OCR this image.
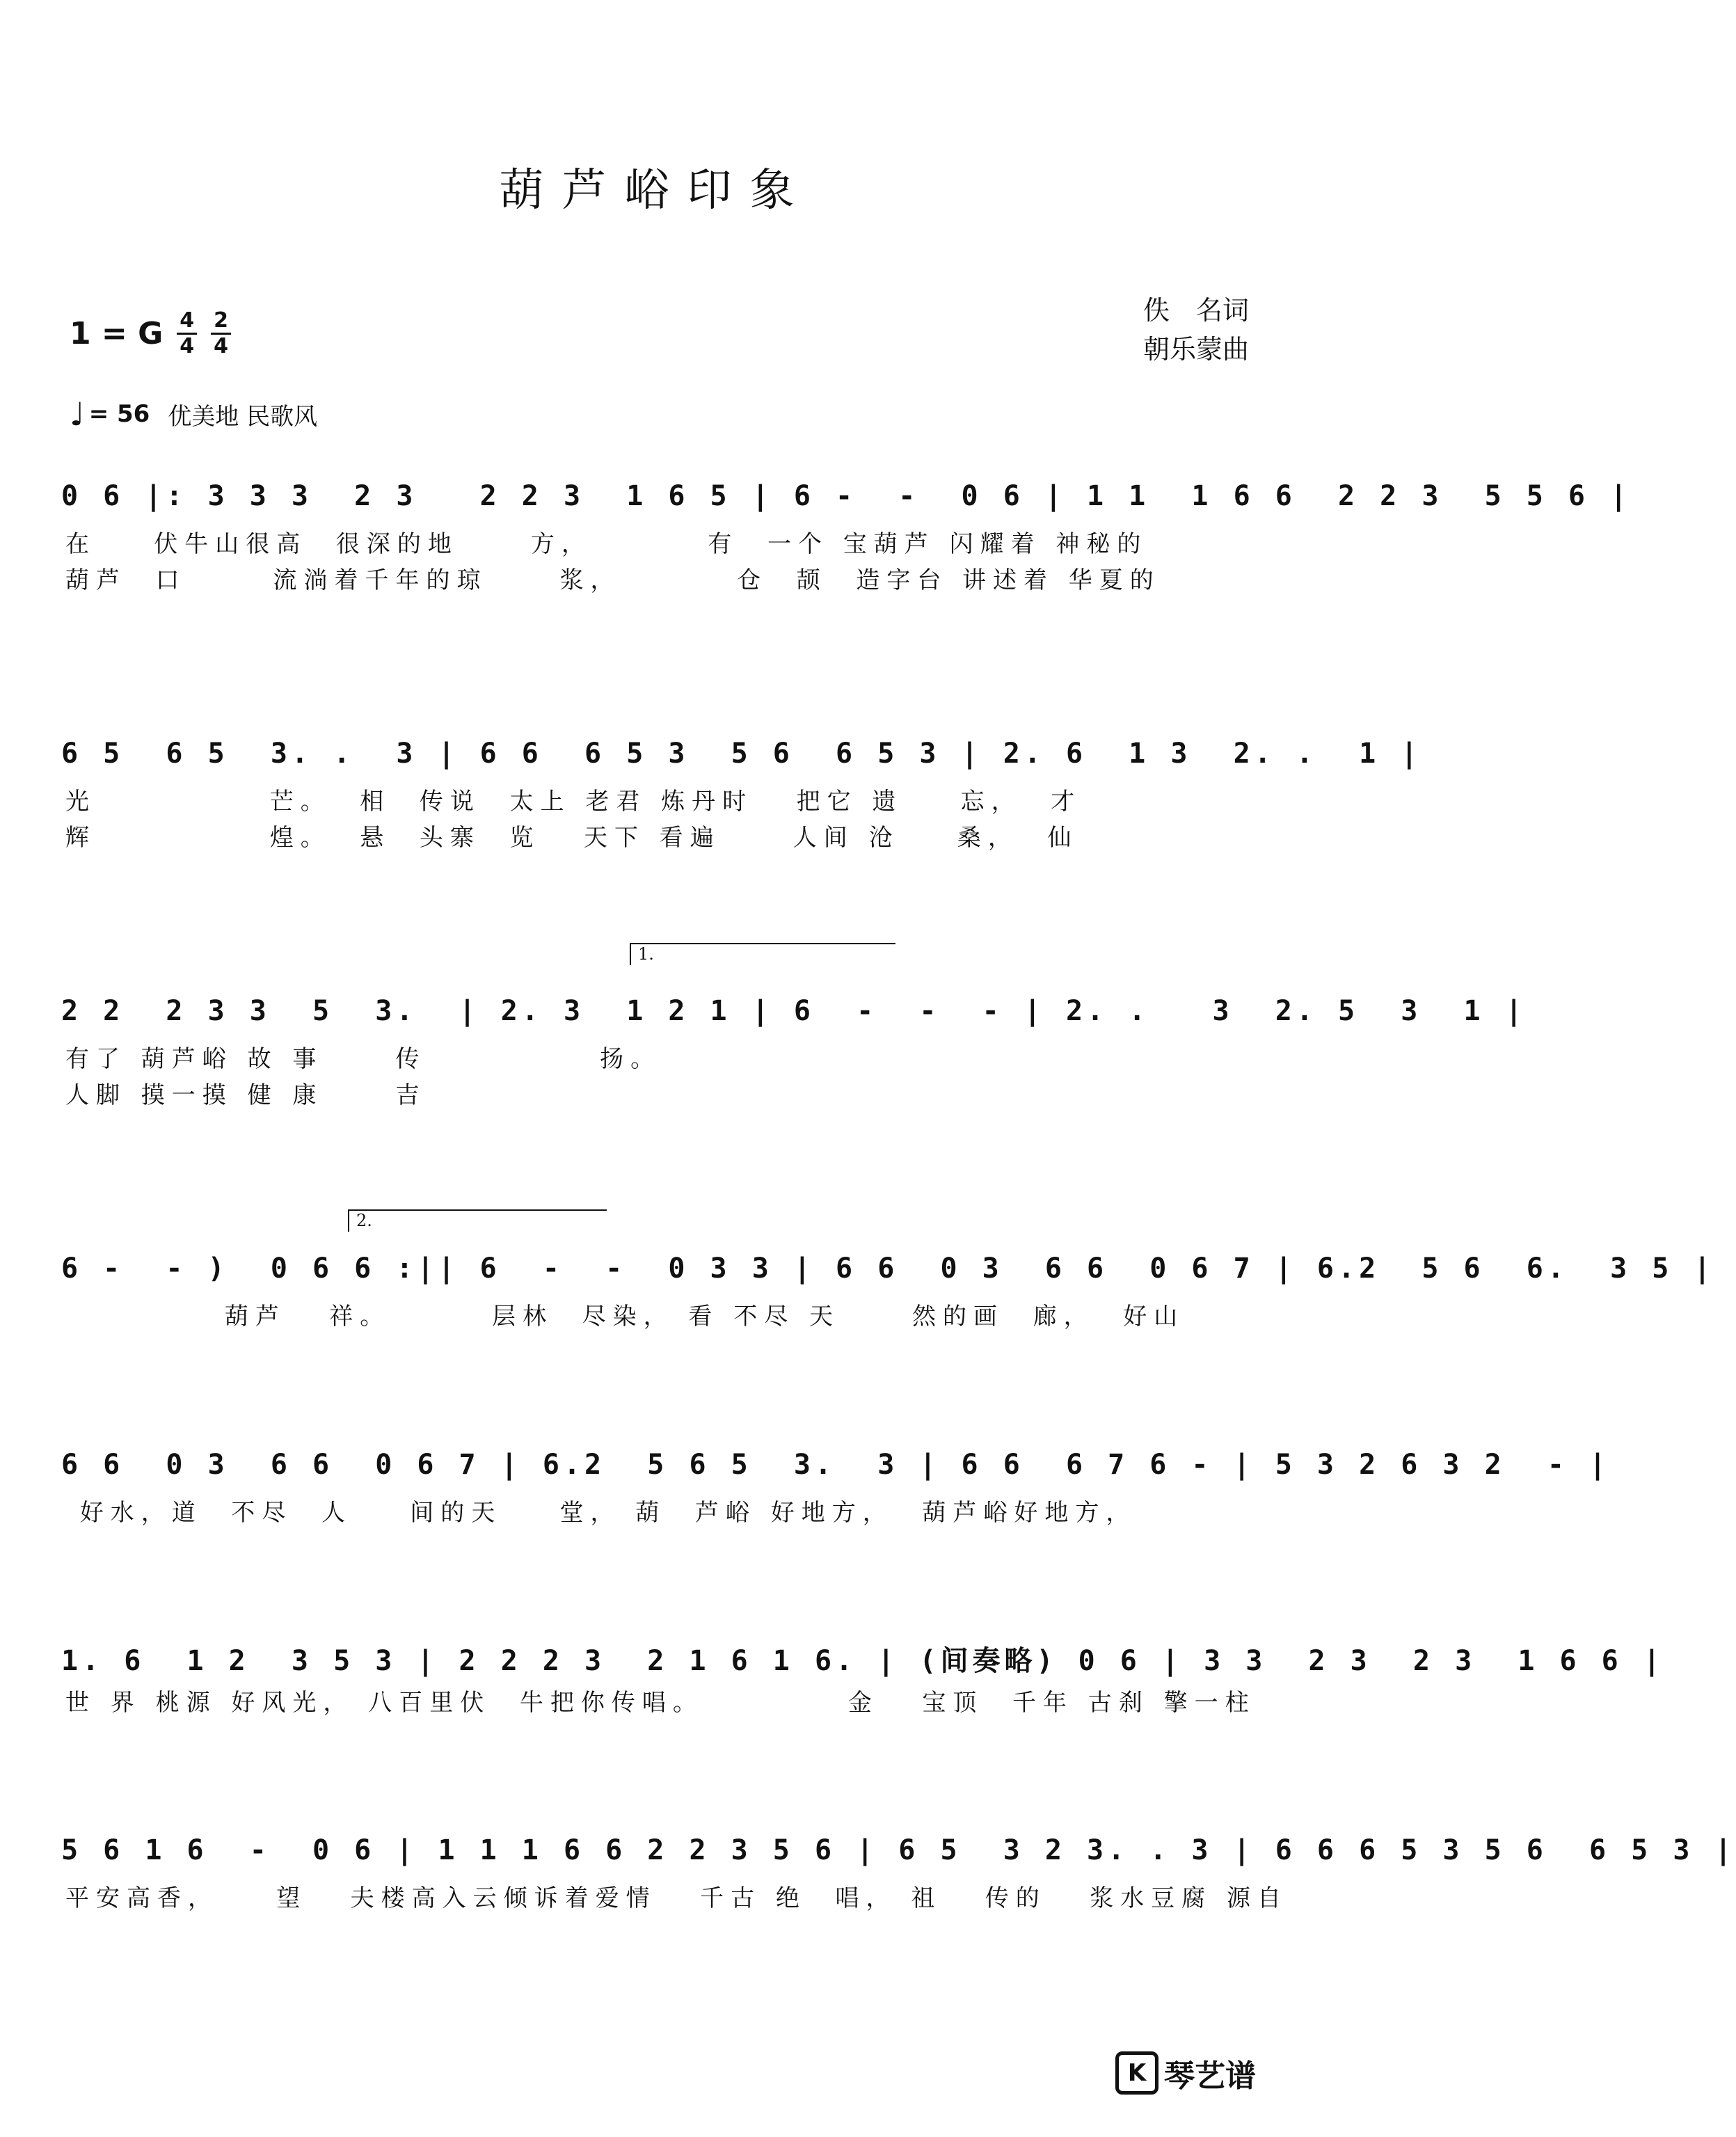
葫芦峪印象
佚　名词
朝乐蒙曲
1 = G $\frac{4}{4} \frac{2}{4}$
♩ = 56 优美地 民歌风
0 6 |: 3 3 3  2 3   2 2 3  1 6 5 | 6 -  -  0 6 | 1 1  1 6 6  2 2 3  5 5 6 |
在    伏牛山很高  很深的地     方，        有  一个 宝葫芦 闪耀着 神秘的
葫芦  口      流淌着千年的琼     浆，        仓  颉  造字台 讲述着 华夏的
6 5  6 5  3. .  3 | 6 6  6 5 3  5 6  6 5 3 | 2. 6  1 3  2. .  1 |
光            芒。  相  传说  太上 老君 炼丹时   把它 遗    忘，  才
辉            煌。  悬  头寨  览   天下 看遍     人间 沧    桑，  仙
1.
2 2  2 3 3  5  3.  | 2. 3  1 2 1 | 6  -  -  - | 2. .   3  2. 5  3  1 |
有了 葫芦峪 故 事     传            扬。
人脚 摸一摸 健 康     吉
2.
6 -  - )  0 6 6 :|| 6  -  -  0 3 3 | 6 6  0 3  6 6  0 6 7 | 6.2  5 6  6.  3 5 |
葫芦   祥。       层林  尽染， 看 不尽 天     然的画  廊，  好山
6 6  0 3  6 6  0 6 7 | 6.2  5 6 5  3.  3 | 6 6  6 7 6 - | 5 3 2 6 3 2  - |
好水，道  不尽  人    间的天    堂， 葫  芦峪 好地方，  葫芦峪好地方，
1. 6  1 2  3 5 3 | 2 2 2 3  2 1 6 1 6. | (间奏略) 0 6 | 3 3  2 3  2 3  1 6 6 |
世 界 桃源 好风光， 八百里伏  牛把你传唱。          金   宝顶  千年 古刹 擎一柱
5 6 1 6  -  0 6 | 1 1 1 6 6 2 2 3 5 6 | 6 5  3 2 3. . 3 | 6 6 6 5 3 5 6  6 5 3 |
平安高香，    望   夫楼高入云倾诉着爱情   千古 绝  唱， 祖   传的   浆水豆腐 源自
K 琴艺谱
